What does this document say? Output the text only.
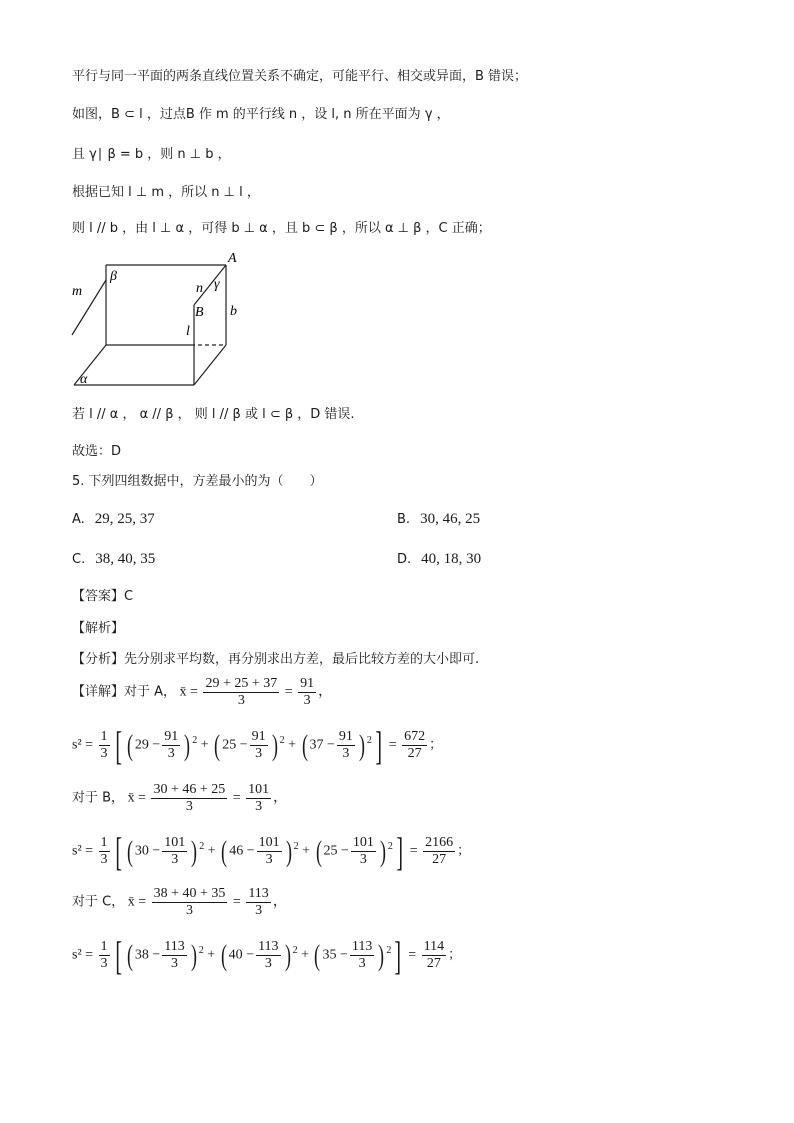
平行与同一平面的两条直线位置关系不确定，可能平行、相交或异面，B 错误；
如图，B ⊂ l ，过点B 作 m 的平行线 n ，设 l, n 所在平面为 γ ，
且 γ∣ β = b ，则 n ⊥ b ，
根据已知 l ⊥ m ，所以 n ⊥ l ，
则 l // b ，由 l ⊥ α ，可得 b ⊥ α ，且 b ⊂ β ，所以 α ⊥ β ，C 正确；
A
β
m	n γ
B b
l
α
若 l // α ， α // β ， 则 l // β 或 l ⊂ β ，D 错误.
故选：D
5. 下列四组数据中，方差最小的为（　　）
A. 29, 25, 37	B. 30, 46, 25
C. 38, 40, 35	D. 40, 18, 30
【答案】C
【解析】
【分析】先分别求平均数，再分别求出方差，最后比较方差的大小即可.
【详解】对于 A， x̄ = $\frac{29 + 25 + 37}{3} = \frac{91}{3}$ ，
$s^2 = \frac{1}{3}$ [ ( $29 - \frac{91}{3}$ ) $^2$ + ( $25 - \frac{91}{3}$ ) $^2$ + ( $37 - \frac{91}{3}$ ) $^2] = \frac{672}{27}$ ；
对于 B， x̄ = $\frac{30 + 46 + 25}{3} = \frac{101}{3}$ ，
$s^2 = \frac{1}{3}$ [ ( $30 - \frac{101}{3}$ ) $^2$ + ( $46 - \frac{101}{3}$ ) $^2$ + ( $25 - \frac{101}{3}$ ) $^2] = \frac{2166}{27}$ ；
对于 C， x̄ = $\frac{38 + 40 + 35}{3} = \frac{113}{3}$ ，
$s^2 = \frac{1}{3}$ [ ( $38 - \frac{113}{3}$ ) $^2$ + ( $40 - \frac{113}{3}$ ) $^2$ + ( $35 - \frac{113}{3}$ ) $^2] = \frac{114}{27}$ ；
